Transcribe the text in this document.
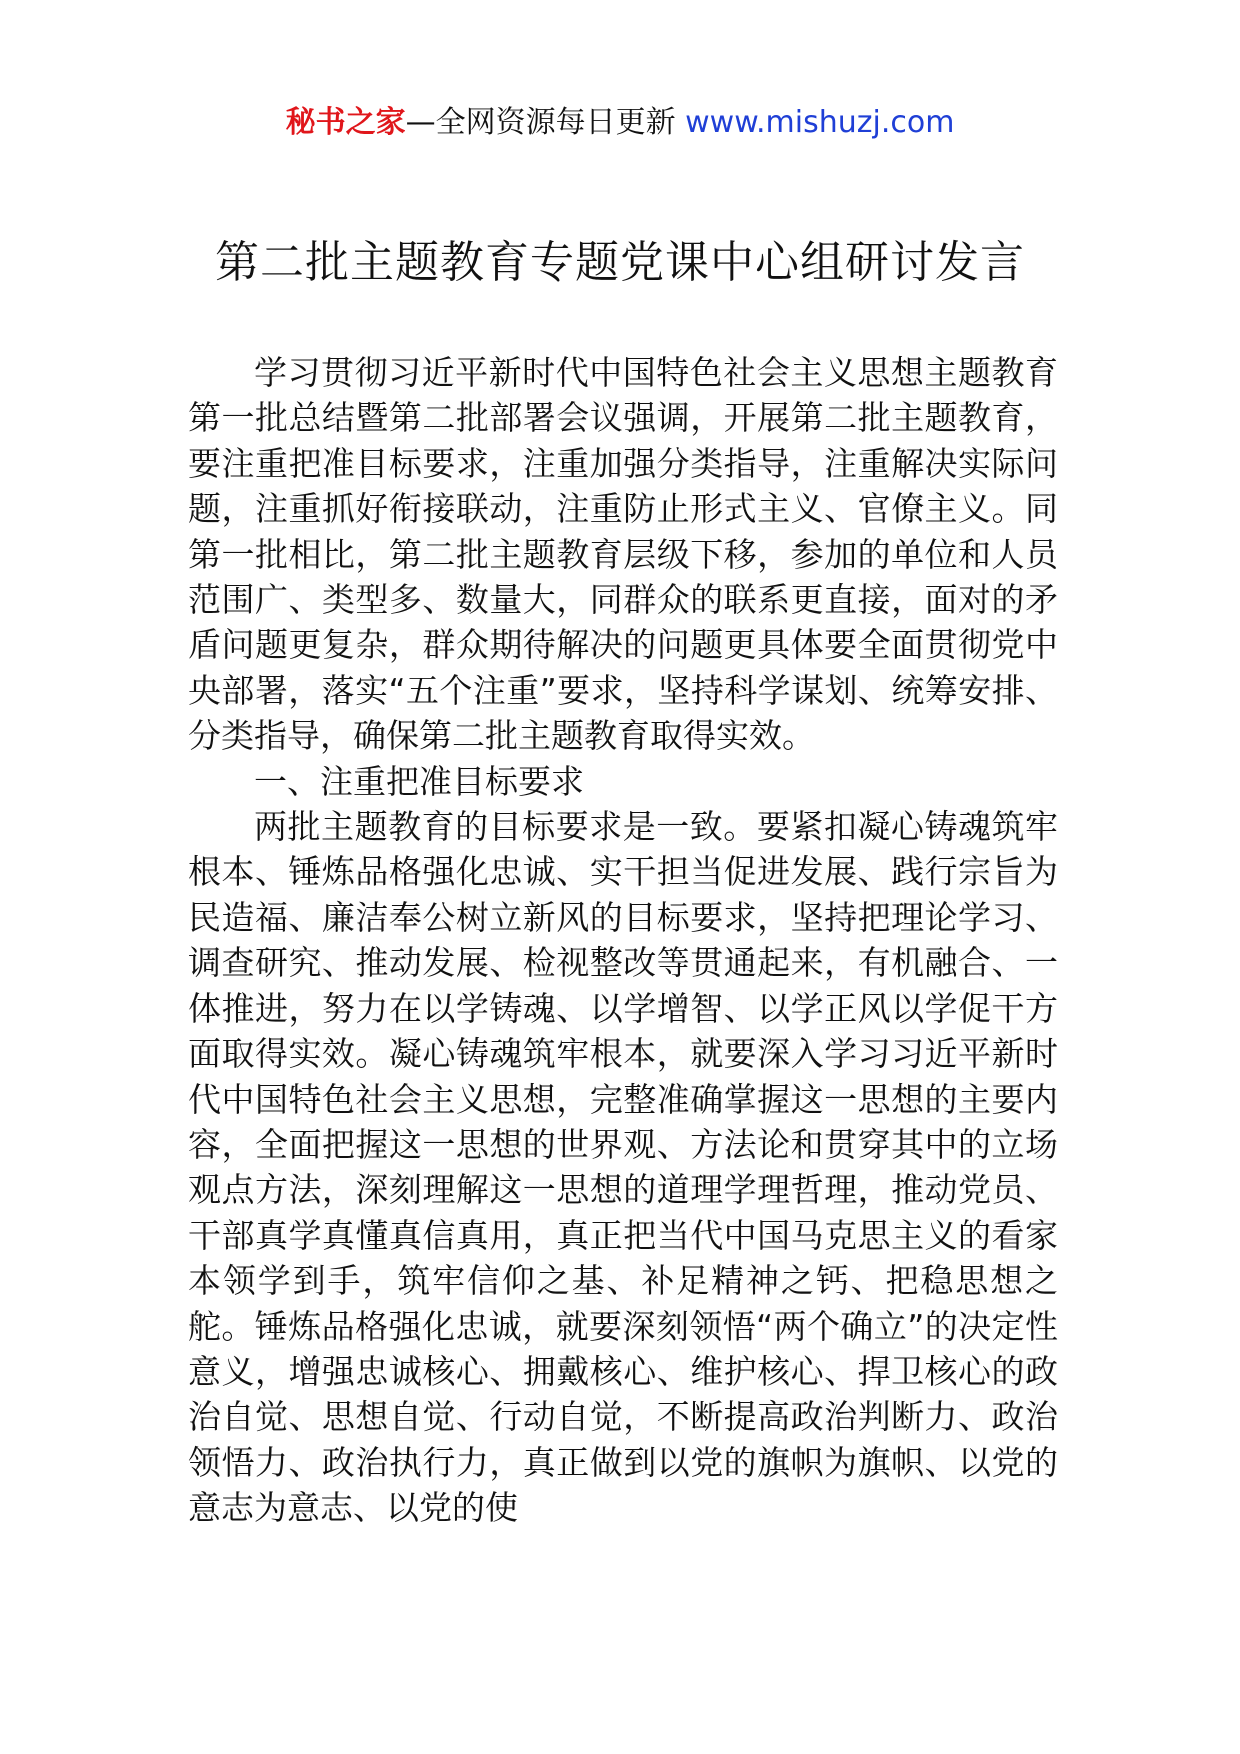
秘书之家—全网资源每日更新 www.mishuzj.com
第二批主题教育专题党课中心组研讨发言

学习贯彻习近平新时代中国特色社会主义思想主题教育第一批总结暨第二批部署会议强调，开展第二批主题教育，要注重把准目标要求，注重加强分类指导，注重解决实际问题，注重抓好衔接联动，注重防止形式主义、官僚主义。同第一批相比，第二批主题教育层级下移，参加的单位和人员范围广、类型多、数量大，同群众的联系更直接，面对的矛盾问题更复杂，群众期待解决的问题更具体要全面贯彻党中央部署，落实“五个注重”要求，坚持科学谋划、统筹安排、分类指导，确保第二批主题教育取得实效。

一、注重把准目标要求

两批主题教育的目标要求是一致。要紧扣凝心铸魂筑牢根本、锤炼品格强化忠诚、实干担当促进发展、践行宗旨为民造福、廉洁奉公树立新风的目标要求，坚持把理论学习、调查研究、推动发展、检视整改等贯通起来，有机融合、一体推进，努力在以学铸魂、以学增智、以学正风以学促干方面取得实效。凝心铸魂筑牢根本，就要深入学习习近平新时代中国特色社会主义思想，完整准确掌握这一思想的主要内容，全面把握这一思想的世界观、方法论和贯穿其中的立场观点方法，深刻理解这一思想的道理学理哲理，推动党员、干部真学真懂真信真用，真正把当代中国马克思主义的看家本领学到手，筑牢信仰之基、补足精神之钙、把稳思想之舵。锤炼品格强化忠诚，就要深刻领悟“两个确立”的决定性意义，增强忠诚核心、拥戴核心、维护核心、捍卫核心的政治自觉、思想自觉、行动自觉，不断提高政治判断力、政治领悟力、政治执行力，真正做到以党的旗帜为旗帜、以党的意志为意志、以党的使
